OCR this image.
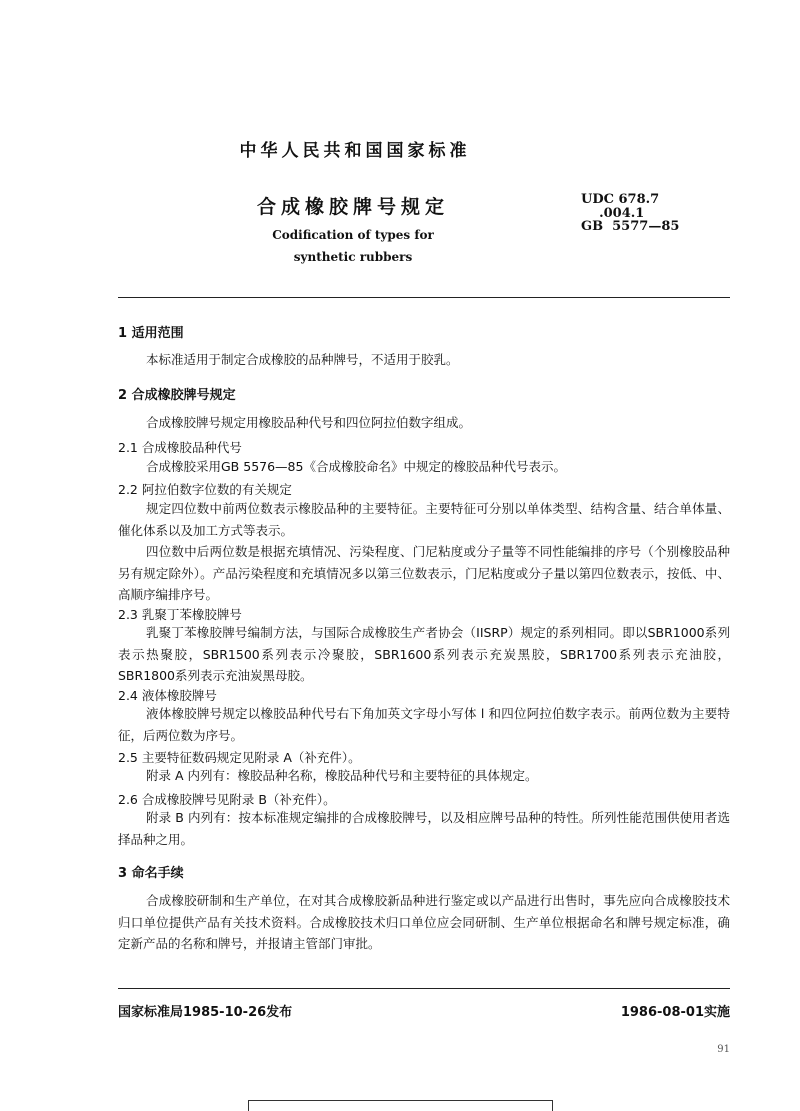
中华人民共和国国家标准
合成橡胶牌号规定
Codification of types for
synthetic rubbers
UDC 678.7
.004.1
GB  5577—85
1 适用范围
本标准适用于制定合成橡胶的品种牌号，不适用于胶乳。
2 合成橡胶牌号规定
合成橡胶牌号规定用橡胶品种代号和四位阿拉伯数字组成。
2.1 合成橡胶品种代号
合成橡胶采用GB 5576—85《合成橡胶命名》中规定的橡胶品种代号表示。
2.2 阿拉伯数字位数的有关规定
规定四位数中前两位数表示橡胶品种的主要特征。主要特征可分别以单体类型、结构含量、结合单体量、催化体系以及加工方式等表示。
四位数中后两位数是根据充填情况、污染程度、门尼粘度或分子量等不同性能编排的序号（个别橡胶品种另有规定除外）。产品污染程度和充填情况多以第三位数表示，门尼粘度或分子量以第四位数表示，按低、中、高顺序编排序号。
2.3 乳聚丁苯橡胶牌号
乳聚丁苯橡胶牌号编制方法，与国际合成橡胶生产者协会（IISRP）规定的系列相同。即以SBR1000系列表示热聚胶，SBR1500系列表示冷聚胶，SBR1600系列表示充炭黑胶，SBR1700系列表示充油胶，SBR1800系列表示充油炭黑母胶。
2.4 液体橡胶牌号
液体橡胶牌号规定以橡胶品种代号右下角加英文字母小写体 l 和四位阿拉伯数字表示。前两位数为主要特征，后两位数为序号。
2.5 主要特征数码规定见附录 A（补充件）。
附录 A 内列有：橡胶品种名称，橡胶品种代号和主要特征的具体规定。
2.6 合成橡胶牌号见附录 B（补充件）。
附录 B 内列有：按本标准规定编排的合成橡胶牌号，以及相应牌号品种的特性。所列性能范围供使用者选择品种之用。
3 命名手续
合成橡胶研制和生产单位，在对其合成橡胶新品种进行鉴定或以产品进行出售时，事先应向合成橡胶技术归口单位提供产品有关技术资料。合成橡胶技术归口单位应会同研制、生产单位根据命名和牌号规定标准，确定新产品的名称和牌号，并报请主管部门审批。
国家标准局1985-10-26发布	1986-08-01实施
91
